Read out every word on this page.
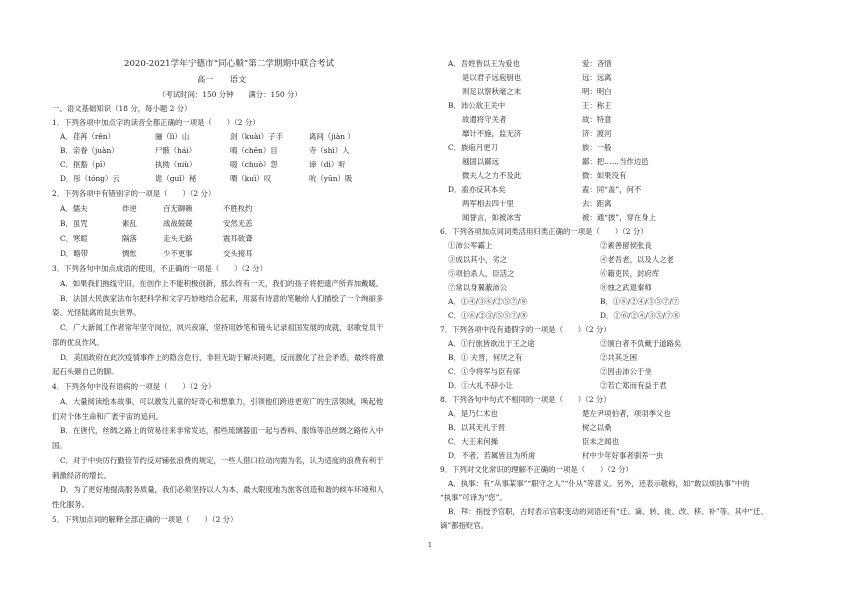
2020-2021学年宁德市“同心顺”第二学期期中联合考试
高一　　语文
（考试时间：150 分钟　　满分：150 分）
一、语文基础知识（18 分，每小题 2 分）
1．下列各项中加点字的读音全都正确的一项是（　　）（2 分）
A．荏苒（rěn）	骊（lì）山	刽（kuài）子手	离间（jiàn ）
B．亲眷（juàn）	尸骸（hái）	嗔（chēn）目	寺（shì）人
C．抠豁（pī）	执拗（niù）	啜（chuò）怨	谛（dì）听
D．彤（tóng）云	诡（guǐ）秘	喟（kuì）叹	吮（yūn）吸
2．下列各项中有错别字的一项是（　　）（2 分）
A．儒夫	炸逆	百无聊赖	不胜枚约
B．虽咒	素乱	战战兢兢	安然无恙
C．寒暄	隔落	走头无路	震耳欲聋
D．略带	惆怅	少不更事	交头接耳
3．下列各句中加点成语的使用，不正确的一项是（　　）（2 分）
A．如果我们拖线守旧，在创作上不能积极创新，那么终有一天，我们的孩子将把遗产所弃加戴暖。
B．法国大民族家法布尔把科学和文字巧妙地结合起来，用富有诗意的笔触给人们描绘了一个绚丽多
姿、光怪陆离的昆虫世界。
C．广大新闻工作者常年坚守岗位，夙兴夜寐，坚持用妙笔和镜头记录祖国发展的成就，讴歌党员干
部的优良作风。
D．美国政府在此次疫情事件上的隐含危行，非但无助于解决问题，反而激化了社会矛盾，最终将激
起石头砸自己的脚。
4．下列各句中没有语病的一项是（　　）（2 分）
A．大量阅读绘本故事，可以激发儿童的好奇心和想象力，引领他们跨进更宽广的生活领域，唤起他
们对个体生命和广袤宇宙的追问。
B．在唐代，丝绸之路上的贸易往来非常发达，那些琉璃器皿一起与香料、服饰等沿丝绸之路传入中
国。
C．对于中央厉行勤俭节约反对铺张浪费的规定，一些人借口拉动内需为名，认为适度的浪费有利于
刺激经济的增长。
D．为了更好地提高服务质量，我们必须坚持以人为本，最大限度地为旅客创造和谐的候车环境和人
性化服务。
5．下列加点词的解释全部正确的一项是（　　）（2 分）
A．吾姓皆以王为爱也	爱：吝惜
是以君子远庖厨也	远：远离
则足以察秋毫之末	明：明白
B．沛公欲王关中	王：称王
故遣将守关者	故：特意
靡计不施，监无济	济：渡河
C．族庖月更刀	族：一般
越国以鄙远	鄙：把……当作边邑
微夫人之力不及此	微：如果没有
D．盍亦反其本矣	盍：同“盖”，何不
两军相去四十里	去：距离
闻誉言，如被冰雪	被：通“披”，穿在身上
6．下列各项加点词词类活用归类正确的一项是（　　）（2 分）
①沛公军霸上	②素善留侯张良
③成以其小，劣之	④老吾老，以及人之老
⑤项伯杀人，臣活之	⑥籍吏民，封府库
⑦常以身翼蔽沛公	⑧烛之武退秦师
A．①④/③⑥/②⑤⑦/⑧	B．①⑥/②④/③⑤⑦/⑦
C．①⑥/②③/⑤⑤⑦/⑧	D．①⑥/②④/③⑤/⑦⑧
7．下列各项中没有通假字的一项是（　　）（2 分）
A．①行旅皆欲出于王之途	②颁白者不负戴于道路矣
B．① 夫晋，何厌之有	②共其乏困
C．①令将军与臣有郤	②因击沛公于坐
D．①大礼不辞小让	②若亡郑而有益于君
8．下列各句中句式不相同的一项是（　　）（2 分）
A．是乃仁术也	楚左尹项伯者，项羽季父也
B．以其无礼于晋	树之以桑
C．大王来何操	臣未之闻也
D．不者，若属皆且为所虏	村中少年好事者驯养一虫
9．下列对文化常识的理解不正确的一项是（　　）（2 分）
A．执事：有“从事某事”“职守之人”“仆从”等意义。另外，还表示敬称，如“敢以烦执事”中的
“执事”可译为“您”。
B．拜：指授予官职，古时表示官职变动的词语还有“迁、谪、转、徙、改、移、补”等。其中“迁、
谪”都指贬官。
1
